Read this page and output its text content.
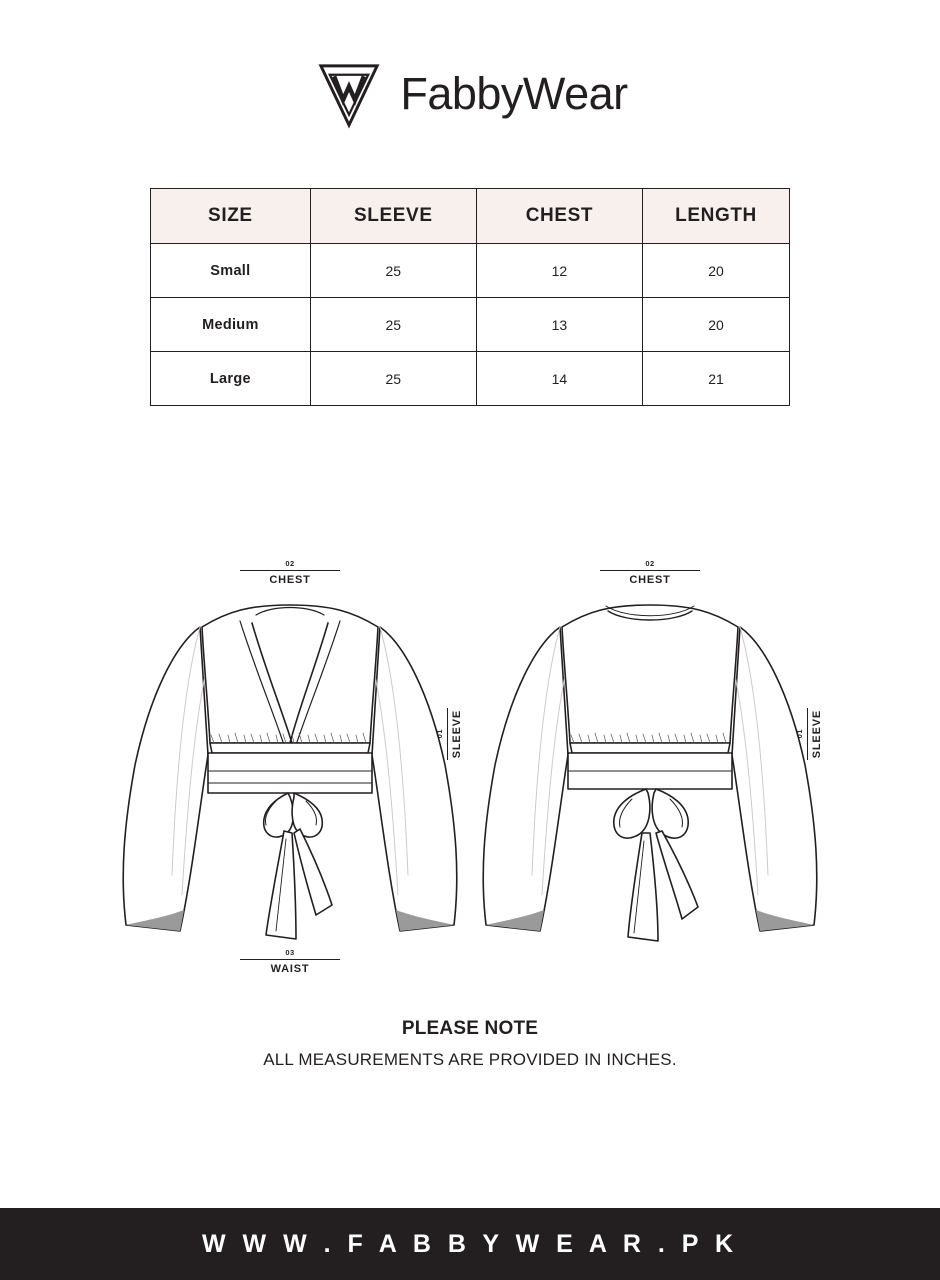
FabbyWear
SIZE	SLEEVE	CHEST	LENGTH
Small	25	12	20
Medium	25	13	20
Large	25	14	21
02
CHEST
03
WAIST
01 SLEEVE
02
CHEST
01 SLEEVE
PLEASE NOTE
ALL MEASUREMENTS ARE PROVIDED IN INCHES.
W W W . F A B B Y W E A R . P K
